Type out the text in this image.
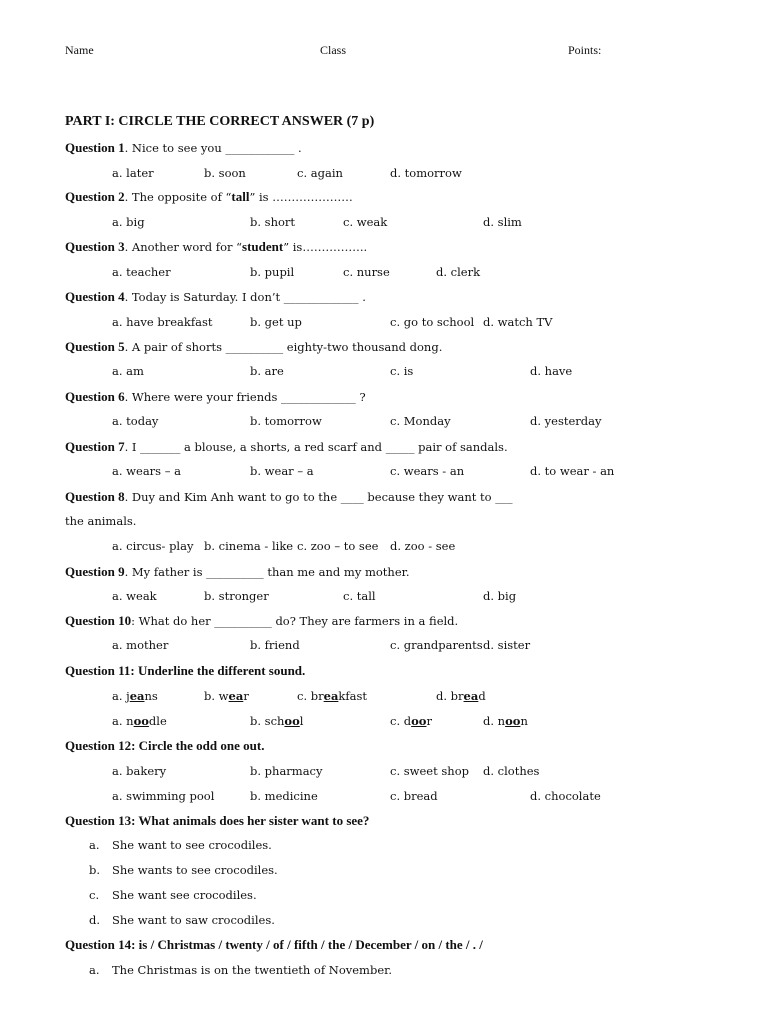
Name	Class	Points:
PART I: CIRCLE THE CORRECT ANSWER (7 p)
Question 1. Nice to see you ____________ .
a. later	b. soon	c. again	d. tomorrow
Question 2. The opposite of “tall” is …………………
a. big	b. short	c. weak	d. slim
Question 3. Another word for “student” is……………..
a. teacher	b. pupil	c. nurse	d. clerk
Question 4. Today is Saturday. I don’t _____________ .
a. have breakfast	b. get up	c. go to school d. watch TV
Question 5. A pair of shorts __________ eighty-two thousand dong.
a. am	b. are	c. is	d. have
Question 6. Where were your friends _____________ ?
a. today	b. tomorrow	c. Monday	d. yesterday
Question 7. I _______ a blouse, a shorts, a red scarf and _____ pair of sandals.
a. wears – a	b. wear – a	c. wears - an	d. to wear - an
Question 8. Duy and Kim Anh want to go to the ____ because they want to ___
the animals.
a. circus- play b. cinema - like c. zoo – to see d. zoo - see
Question 9. My father is __________ than me and my mother.
a. weak	b. stronger	c. tall	d. big
Question 10: What do her __________ do? They are farmers in a field.
a. mother	b. friend	c. grandparents d. sister
Question 11: Underline the different sound.
a. jeans	b. wear	c. breakfast	d. bread
a. noodle	b. school	c. door	d. noon
Question 12: Circle the odd one out.
a. bakery	b. pharmacy	c. sweet shop d. clothes
a. swimming pool	b. medicine	c. bread	d. chocolate
Question 13: What animals does her sister want to see?
a. She want to see crocodiles.
b. She wants to see crocodiles.
c. She want see crocodiles.
d. She want to saw crocodiles.
Question 14: is / Christmas / twenty / of / fifth / the / December / on / the / . /
a. The Christmas is on the twentieth of November.
